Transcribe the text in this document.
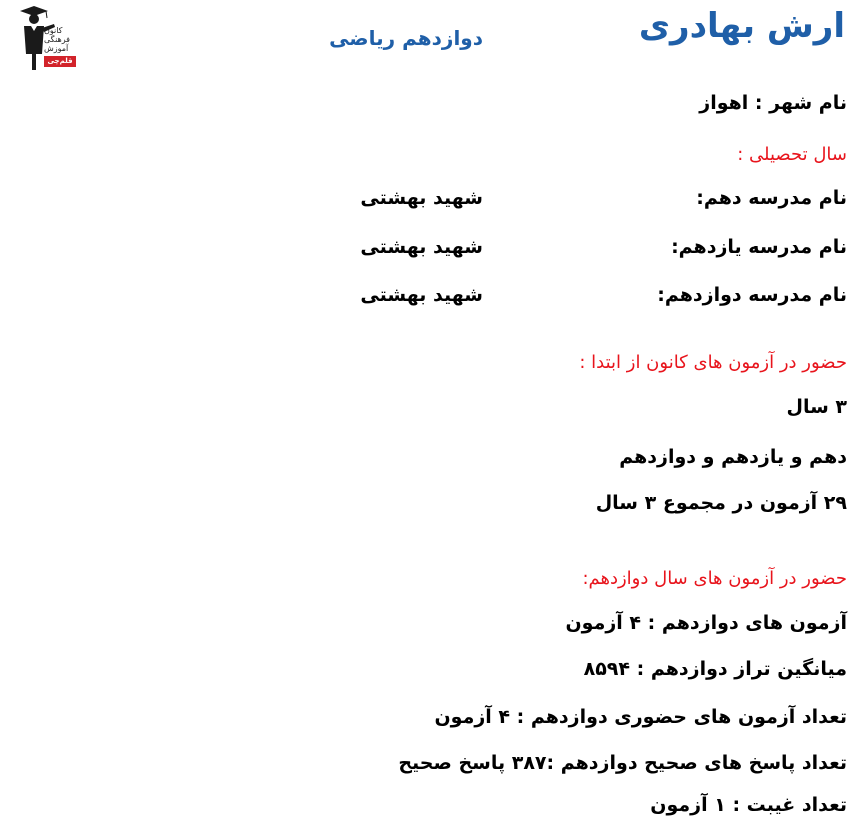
ارش بهادری
دوازدهم ریاضی
کانون
فرهنگی
آموزش
قلم‌چی
نام شهر : اهواز
سال تحصیلی :
نام مدرسه دهم:
شهید بهشتی
نام مدرسه یازدهم:
شهید بهشتی
نام مدرسه دوازدهم:
شهید بهشتی
حضور در آزمون های کانون از ابتدا :
۳ سال
دهم و یازدهم و دوازدهم
۲۹ آزمون در مجموع ۳ سال
حضور در آزمون های سال دوازدهم:
آزمون های دوازدهم : ۴ آزمون
میانگین تراز دوازدهم : ۸۵۹۴
تعداد آزمون های حضوری دوازدهم : ۴ آزمون
تعداد پاسخ های صحیح دوازدهم :۳۸۷ پاسخ صحیح
تعداد غیبت : ۱ آزمون
